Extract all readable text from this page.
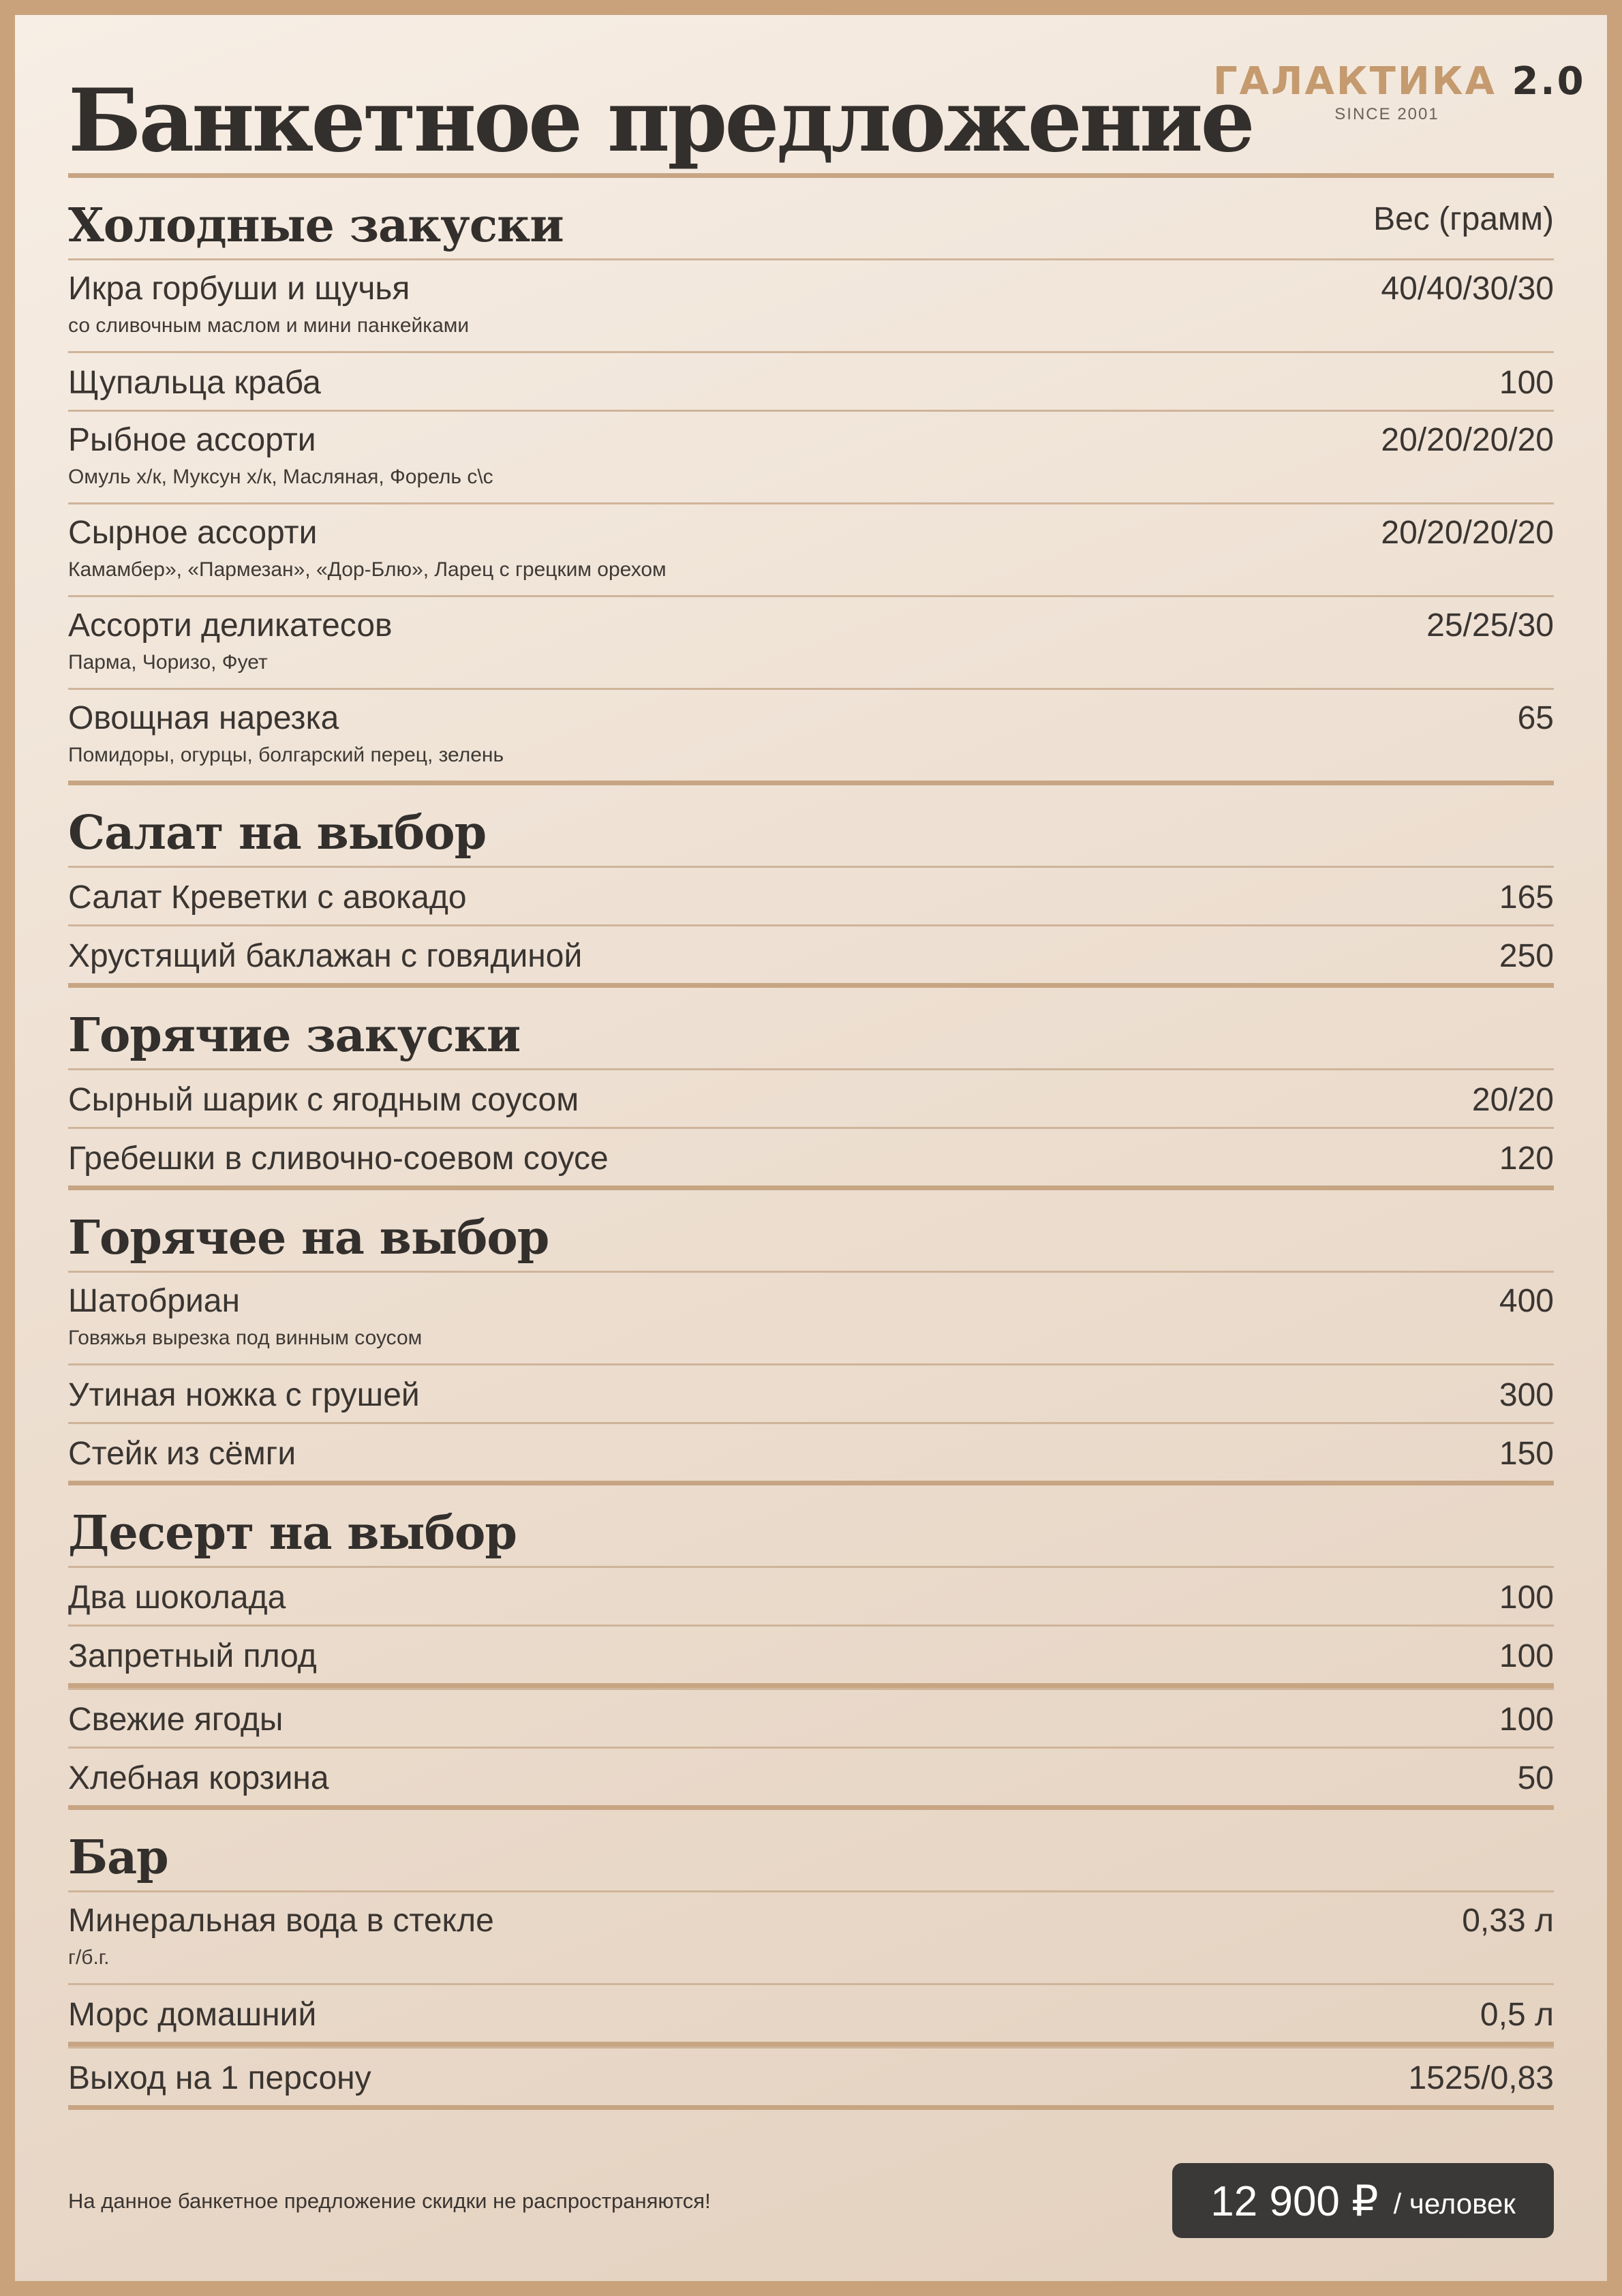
Банкетное предложение
ГАЛАКТИКА 2.0
SINCE 2001
Холодные закуски	Вес (грамм)
Икра горбуши и щучья	40/40/30/30
со сливочным маслом и мини панкейками
Щупальца краба	100
Рыбное ассорти	20/20/20/20
Омуль х/к, Муксун х/к, Масляная, Форель с\с
Сырное ассорти	20/20/20/20
Камамбер», «Пармезан», «Дор-Блю», Ларец с грецким орехом
Ассорти деликатесов	25/25/30
Парма, Чоризо, Фует
Овощная нарезка	65
Помидоры, огурцы, болгарский перец, зелень
Салат на выбор
Салат Креветки с авокадо	165
Хрустящий баклажан с говядиной	250
Горячие закуски
Сырный шарик с ягодным соусом	20/20
Гребешки в сливочно-соевом соусе	120
Горячее на выбор
Шатобриан	400
Говяжья вырезка под винным соусом
Утиная ножка с грушей	300
Стейк из сёмги	150
Десерт на выбор
Два шоколада	100
Запретный плод	100
Свежие ягоды	100
Хлебная корзина	50
Бар
Минеральная вода в стекле	0,33 л
г/б.г.
Морс домашний	0,5 л
Выход на 1 персону	1525/0,83
На данное банкетное предложение скидки не распространяются!	12 900 ₽ / человек
